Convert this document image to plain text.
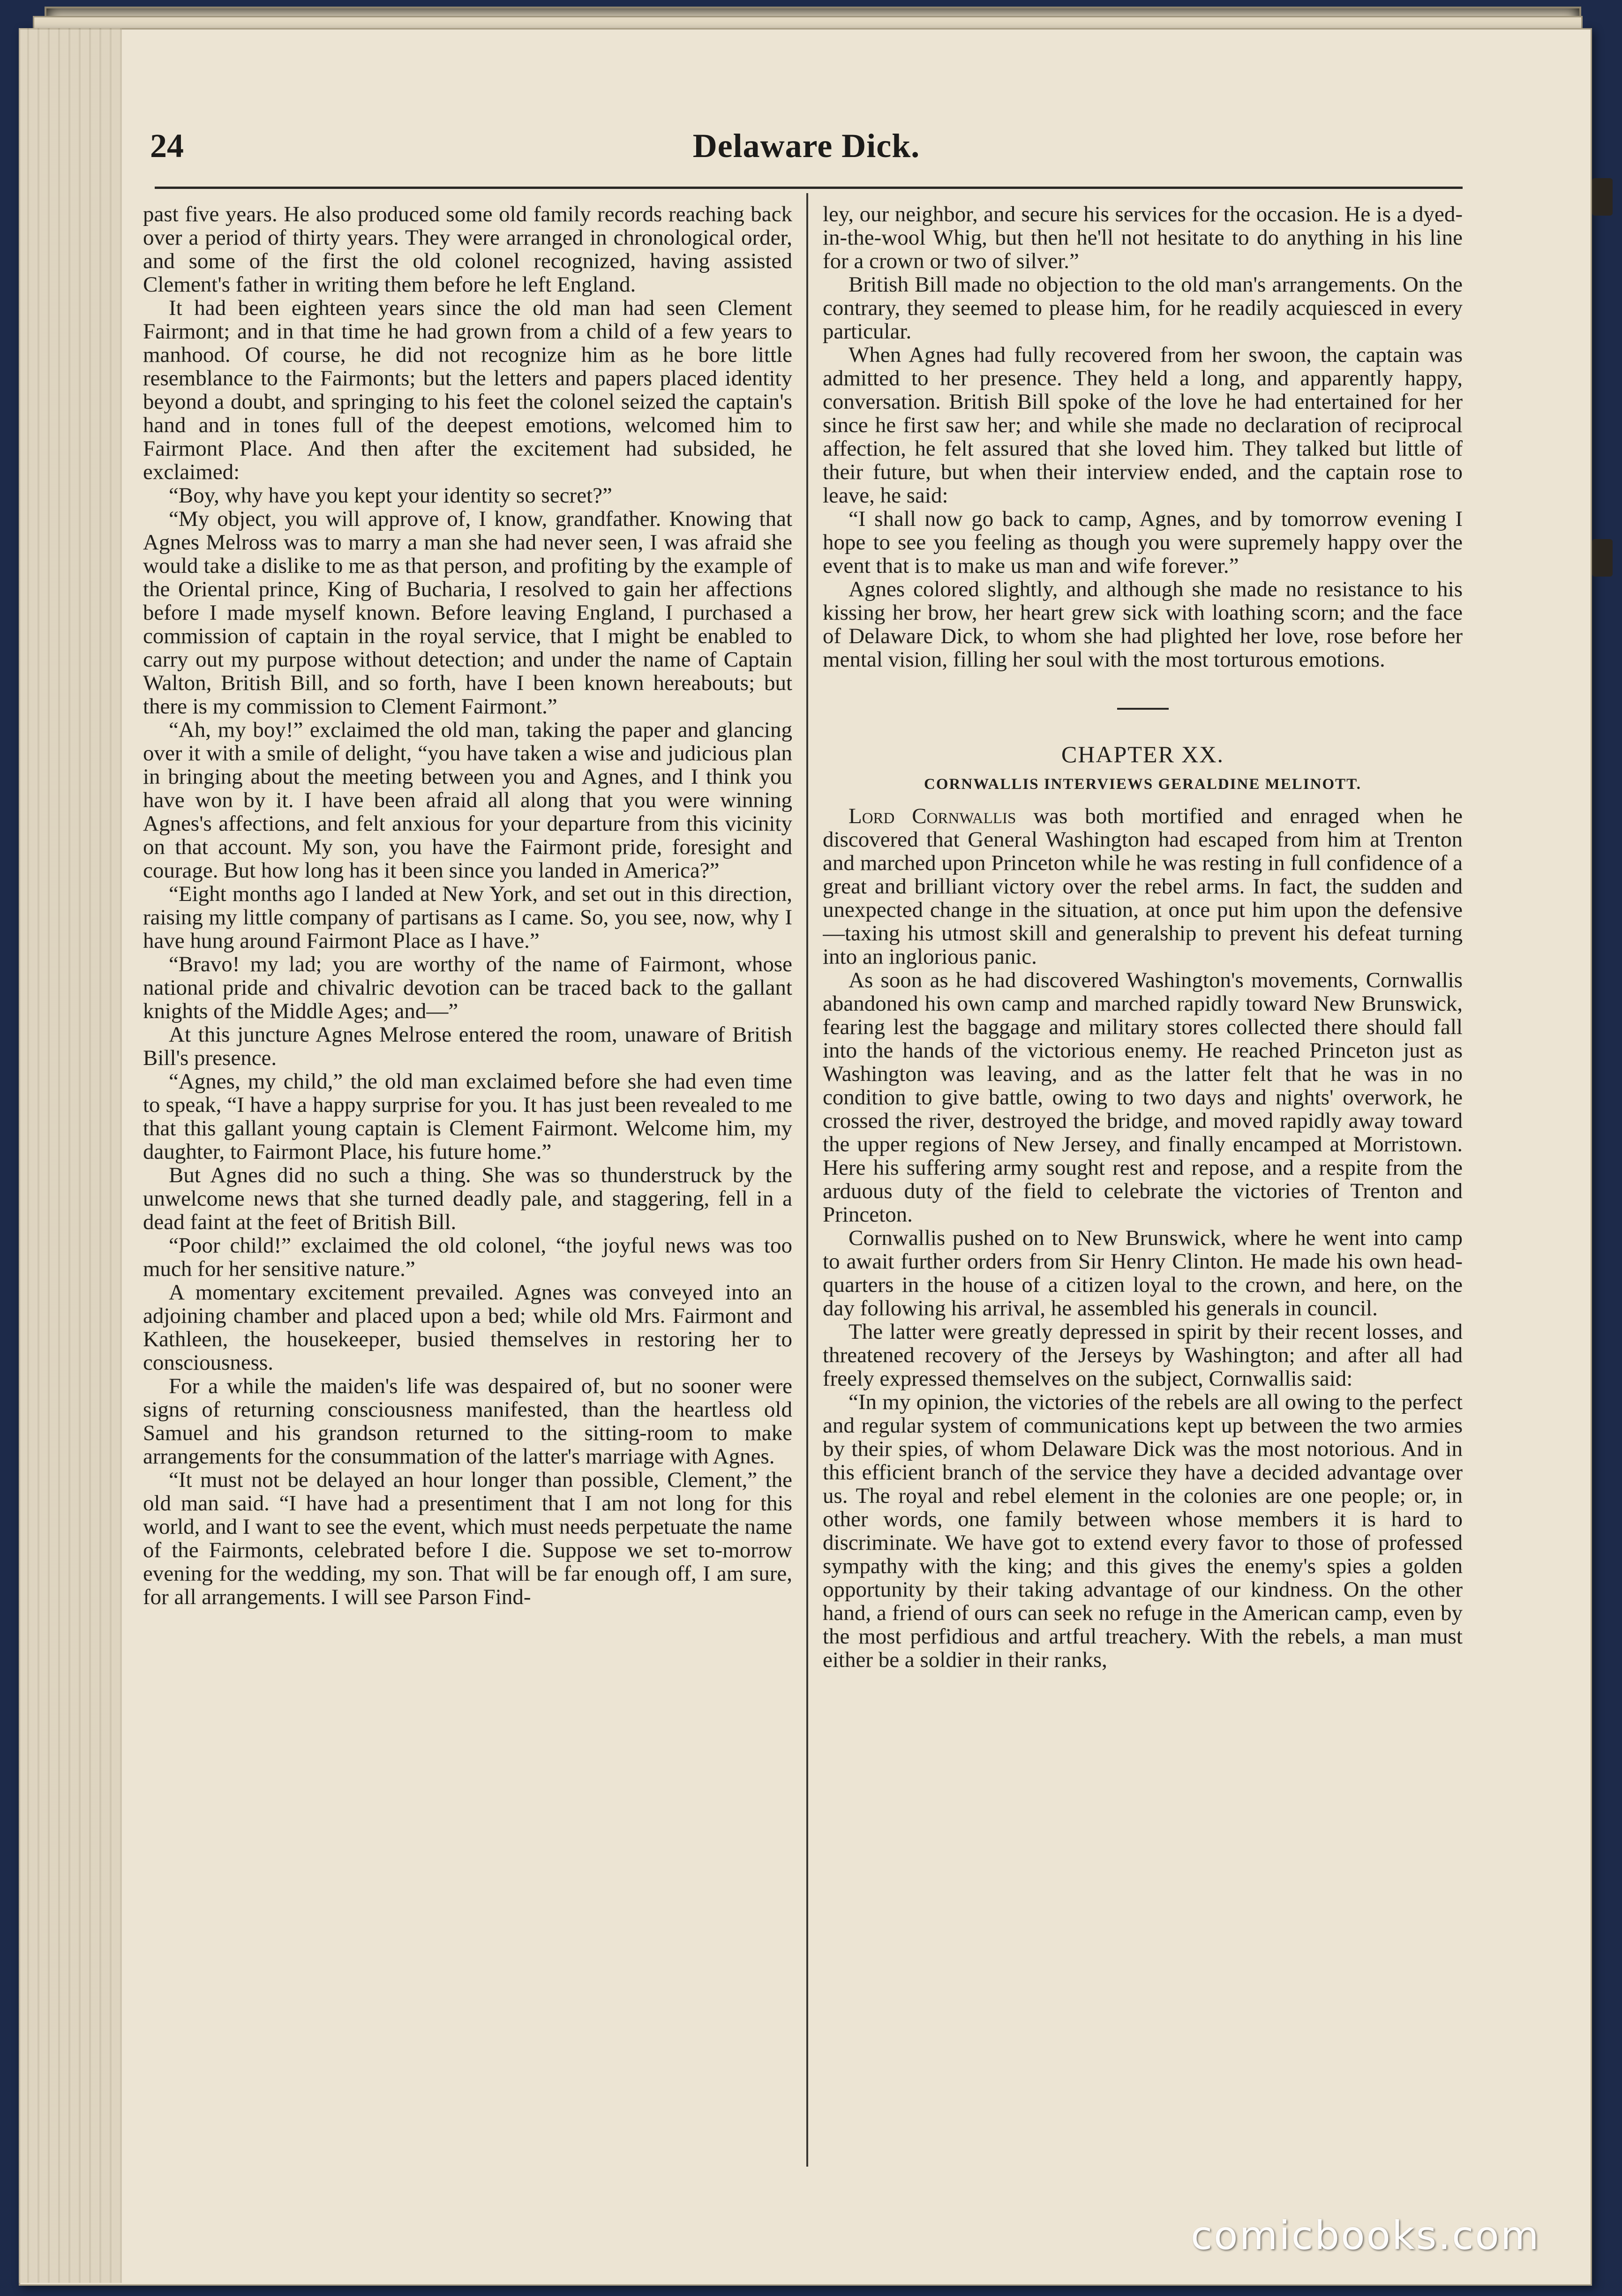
24	Delaware Dick.

past five years. He also produced some old family records reaching back over a period of thirty years. They were arranged in chronological order, and some of the first the old colonel recognized, having assisted Clement's father in writing them before he left England.

It had been eighteen years since the old man had seen Clement Fairmont; and in that time he had grown from a child of a few years to manhood. Of course, he did not recognize him as he bore little resemblance to the Fairmonts; but the letters and papers placed identity beyond a doubt, and springing to his feet the colonel seized the captain's hand and in tones full of the deepest emotions, welcomed him to Fairmont Place. And then after the excitement had subsided, he exclaimed:

“Boy, why have you kept your identity so secret?”

“My object, you will approve of, I know, grandfather. Knowing that Agnes Melross was to marry a man she had never seen, I was afraid she would take a dislike to me as that person, and profiting by the example of the Oriental prince, King of Bucharia, I resolved to gain her affections before I made myself known. Before leaving England, I purchased a commission of captain in the royal service, that I might be enabled to carry out my purpose without detection; and under the name of Captain Walton, British Bill, and so forth, have I been known hereabouts; but there is my commission to Clement Fairmont.”

“Ah, my boy!” exclaimed the old man, taking the paper and glancing over it with a smile of delight, “you have taken a wise and judicious plan in bringing about the meeting between you and Agnes, and I think you have won by it. I have been afraid all along that you were winning Agnes's affections, and felt anxious for your departure from this vicinity on that account. My son, you have the Fairmont pride, foresight and courage. But how long has it been since you landed in America?”

“Eight months ago I landed at New York, and set out in this direction, raising my little company of partisans as I came. So, you see, now, why I have hung around Fairmont Place as I have.”

“Bravo! my lad; you are worthy of the name of Fairmont, whose national pride and chivalric devotion can be traced back to the gallant knights of the Middle Ages; and—”

At this juncture Agnes Melrose entered the room, unaware of British Bill's presence.

“Agnes, my child,” the old man exclaimed before she had even time to speak, “I have a happy surprise for you. It has just been revealed to me that this gallant young captain is Clement Fairmont. Welcome him, my daughter, to Fairmont Place, his future home.”

But Agnes did no such a thing. She was so thunderstruck by the unwelcome news that she turned deadly pale, and staggering, fell in a dead faint at the feet of British Bill.

“Poor child!” exclaimed the old colonel, “the joyful news was too much for her sensitive nature.”

A momentary excitement prevailed. Agnes was conveyed into an adjoining chamber and placed upon a bed; while old Mrs. Fairmont and Kathleen, the housekeeper, busied themselves in restoring her to consciousness.

For a while the maiden's life was despaired of, but no sooner were signs of returning consciousness manifested, than the heartless old Samuel and his grandson returned to the sitting-room to make arrangements for the consummation of the latter's marriage with Agnes.

“It must not be delayed an hour longer than possible, Clement,” the old man said. “I have had a presentiment that I am not long for this world, and I want to see the event, which must needs perpetuate the name of the Fairmonts, celebrated before I die. Suppose we set to-morrow evening for the wedding, my son. That will be far enough off, I am sure, for all arrangements. I will see Parson Find-

ley, our neighbor, and secure his services for the occasion. He is a dyed-in-the-wool Whig, but then he'll not hesitate to do anything in his line for a crown or two of silver.”

British Bill made no objection to the old man's arrangements. On the contrary, they seemed to please him, for he readily acquiesced in every particular.

When Agnes had fully recovered from her swoon, the captain was admitted to her presence. They held a long, and apparently happy, conversation. British Bill spoke of the love he had entertained for her since he first saw her; and while she made no declaration of reciprocal affection, he felt assured that she loved him. They talked but little of their future, but when their interview ended, and the captain rose to leave, he said:

“I shall now go back to camp, Agnes, and by tomorrow evening I hope to see you feeling as though you were supremely happy over the event that is to make us man and wife forever.”

Agnes colored slightly, and although she made no resistance to his kissing her brow, her heart grew sick with loathing scorn; and the face of Delaware Dick, to whom she had plighted her love, rose before her mental vision, filling her soul with the most torturous emotions.

CHAPTER XX.
CORNWALLIS INTERVIEWS GERALDINE MELINOTT.

Lord Cornwallis was both mortified and enraged when he discovered that General Washington had escaped from him at Trenton and marched upon Princeton while he was resting in full confidence of a great and brilliant victory over the rebel arms. In fact, the sudden and unexpected change in the situation, at once put him upon the defensive—taxing his utmost skill and generalship to prevent his defeat turning into an inglorious panic.

As soon as he had discovered Washington's movements, Cornwallis abandoned his own camp and marched rapidly toward New Brunswick, fearing lest the baggage and military stores collected there should fall into the hands of the victorious enemy. He reached Princeton just as Washington was leaving, and as the latter felt that he was in no condition to give battle, owing to two days and nights' overwork, he crossed the river, destroyed the bridge, and moved rapidly away toward the upper regions of New Jersey, and finally encamped at Morristown. Here his suffering army sought rest and repose, and a respite from the arduous duty of the field to celebrate the victories of Trenton and Princeton.

Cornwallis pushed on to New Brunswick, where he went into camp to await further orders from Sir Henry Clinton. He made his own head-quarters in the house of a citizen loyal to the crown, and here, on the day following his arrival, he assembled his generals in council.

The latter were greatly depressed in spirit by their recent losses, and threatened recovery of the Jerseys by Washington; and after all had freely expressed themselves on the subject, Cornwallis said:

“In my opinion, the victories of the rebels are all owing to the perfect and regular system of communications kept up between the two armies by their spies, of whom Delaware Dick was the most notorious. And in this efficient branch of the service they have a decided advantage over us. The royal and rebel element in the colonies are one people; or, in other words, one family between whose members it is hard to discriminate. We have got to extend every favor to those of professed sympathy with the king; and this gives the enemy's spies a golden opportunity by their taking advantage of our kindness. On the other hand, a friend of ours can seek no refuge in the American camp, even by the most perfidious and artful treachery. With the rebels, a man must either be a soldier in their ranks,

comicbooks.com
